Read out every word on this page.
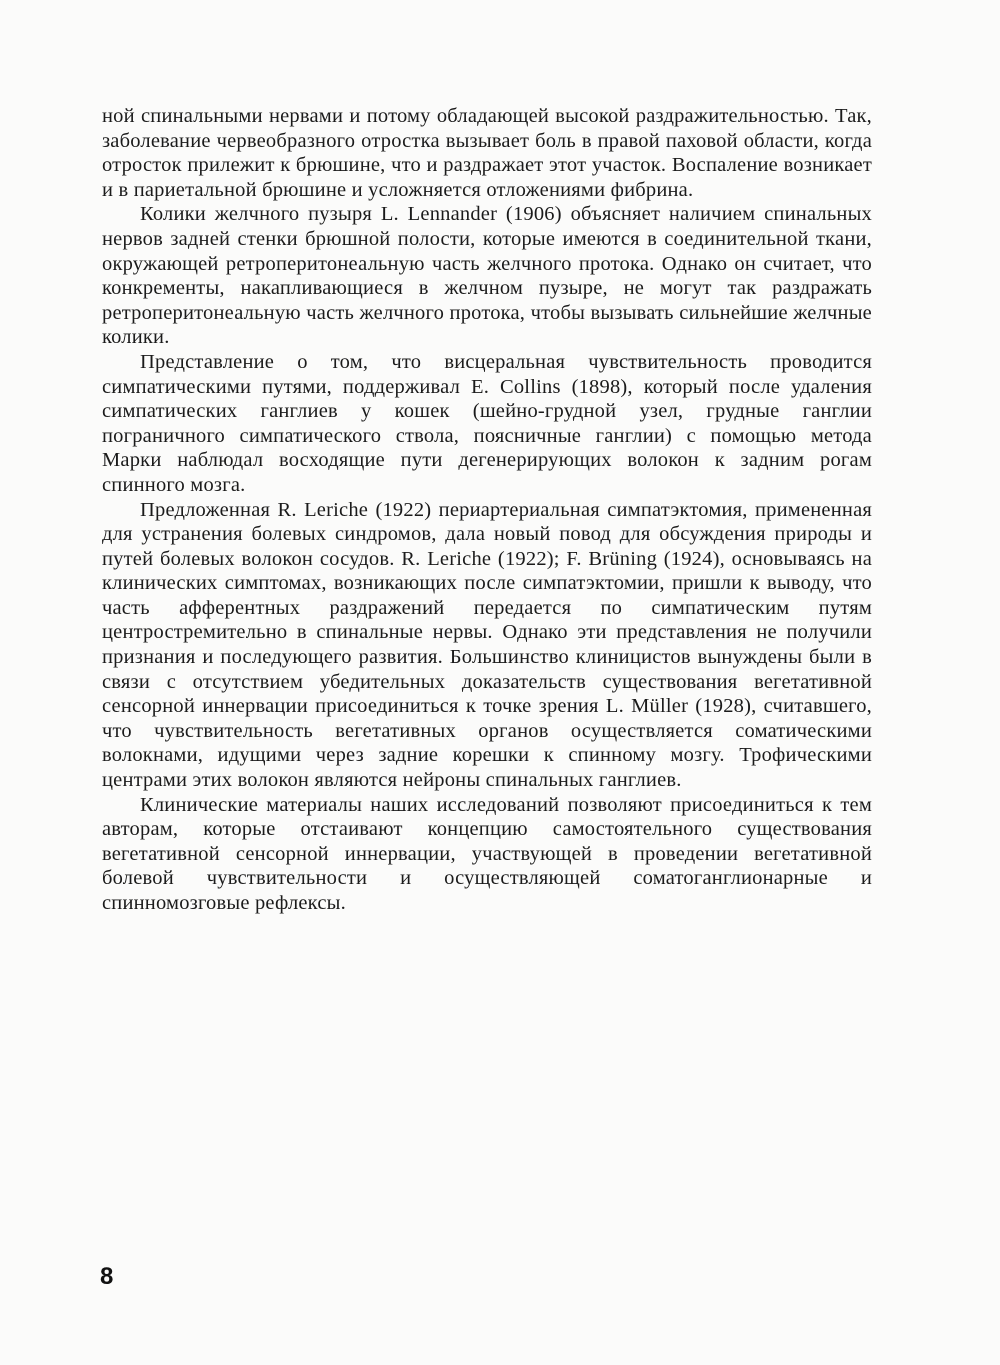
ной спинальными нервами и потому обладающей высокой раздражительностью. Так, заболевание червеобразного отростка вызывает боль в правой паховой области, когда отросток прилежит к брюшине, что и раздражает этот участок. Воспаление возникает и в париетальной брюшине и усложняется отложениями фибрина.

Колики желчного пузыря L. Lennander (1906) объясняет наличием спинальных нервов задней стенки брюшной полости, которые имеются в соединительной ткани, окружающей ретроперитонеальную часть желчного протока. Однако он считает, что конкременты, накапливающиеся в желчном пузыре, не могут так раздражать ретроперитонеальную часть желчного протока, чтобы вызывать сильнейшие желчные колики.

Представление о том, что висцеральная чувствительность проводится симпатическими путями, поддерживал E. Collins (1898), который после удаления симпатических ганглиев у кошек (шейно-грудной узел, грудные ганглии пограничного симпатического ствола, поясничные ганглии) с помощью метода Марки наблюдал восходящие пути дегенерирующих волокон к задним рогам спинного мозга.

Предложенная R. Leriche (1922) периартериальная симпатэктомия, примененная для устранения болевых синдромов, дала новый повод для обсуждения природы и путей болевых волокон сосудов. R. Leriche (1922); F. Brüning (1924), основываясь на клинических симптомах, возникающих после симпатэктомии, пришли к выводу, что часть афферентных раздражений передается по симпатическим путям центростремительно в спинальные нервы. Однако эти представления не получили признания и последующего развития. Большинство клиницистов вынуждены были в связи с отсутствием убедительных доказательств существования вегетативной сенсорной иннервации присоединиться к точке зрения L. Müller (1928), считавшего, что чувствительность вегетативных органов осуществляется соматическими волокнами, идущими через задние корешки к спинному мозгу. Трофическими центрами этих волокон являются нейроны спинальных ганглиев.

Клинические материалы наших исследований позволяют присоединиться к тем авторам, которые отстаивают концепцию самостоятельного существования вегетативной сенсорной иннервации, участвующей в проведении вегетативной болевой чувствительности и осуществляющей соматоганглионарные и спинномозговые рефлексы.

8
